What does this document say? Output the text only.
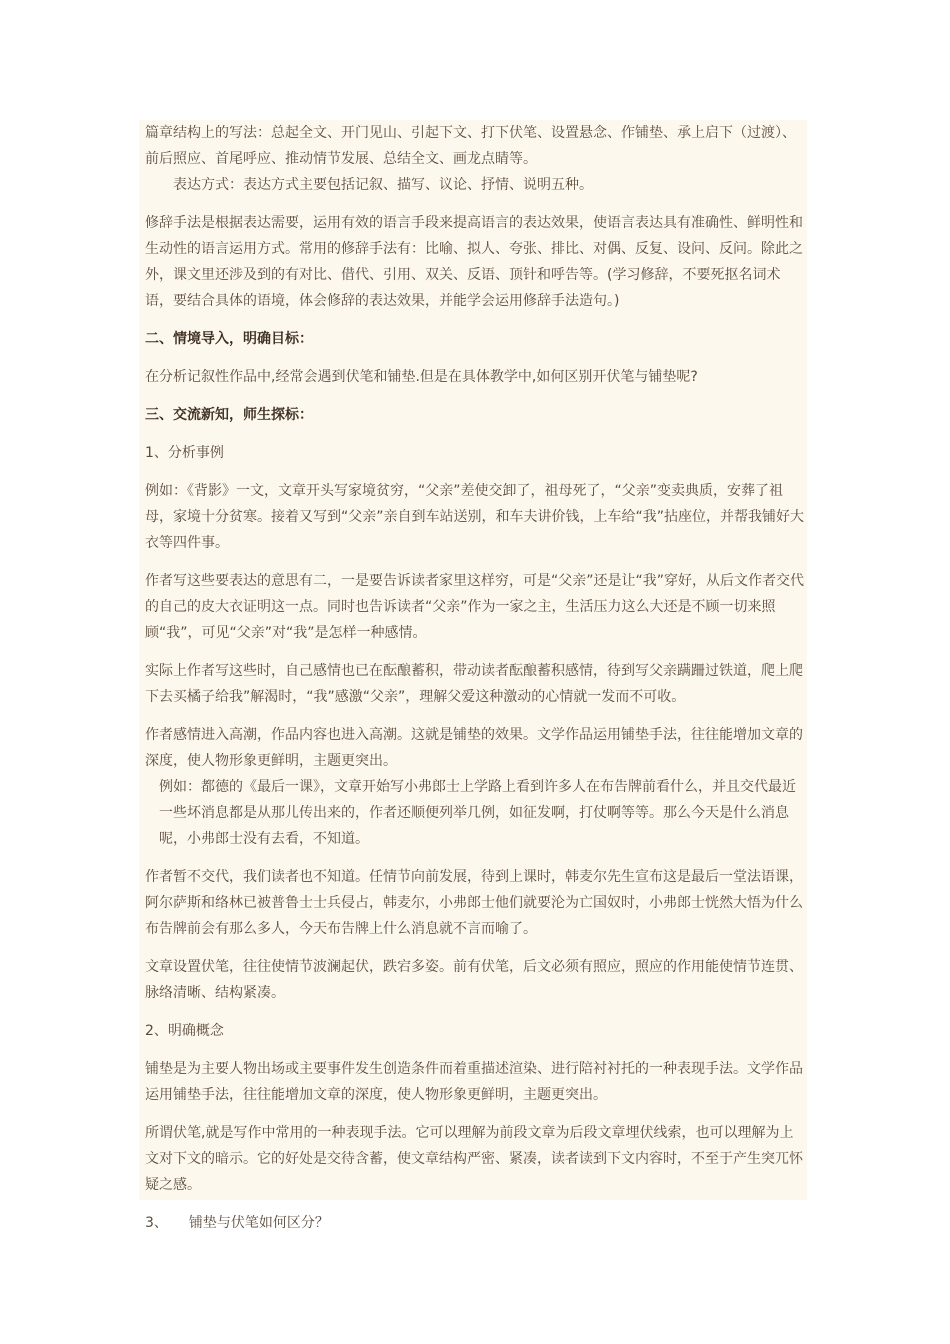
篇章结构上的写法：总起全文、开门见山、引起下文、打下伏笔、设置悬念、作铺垫、承上启下（过渡）、前后照应、首尾呼应、推动情节发展、总结全文、画龙点睛等。

表达方式：表达方式主要包括记叙、描写、议论、抒情、说明五种。

修辞手法是根据表达需要，运用有效的语言手段来提高语言的表达效果，使语言表达具有准确性、鲜明性和生动性的语言运用方式。常用的修辞手法有：比喻、拟人、夸张、排比、对偶、反复、设问、反问。除此之外，课文里还涉及到的有对比、借代、引用、双关、反语、顶针和呼告等。(学习修辞，不要死抠名词术语，要结合具体的语境，体会修辞的表达效果，并能学会运用修辞手法造句。)

二、情境导入，明确目标：

在分析记叙性作品中,经常会遇到伏笔和铺垫.但是在具体教学中,如何区别开伏笔与铺垫呢?

三、交流新知，师生探标：

1、分析事例

例如：《背影》一文，文章开头写家境贫穷，“父亲”差使交卸了，祖母死了，“父亲”变卖典质，安葬了祖母，家境十分贫寒。接着又写到“父亲”亲自到车站送别，和车夫讲价钱，上车给“我”拈座位，并帮我铺好大衣等四件事。

作者写这些要表达的意思有二，一是要告诉读者家里这样穷，可是“父亲”还是让“我”穿好，从后文作者交代的自己的皮大衣证明这一点。同时也告诉读者“父亲”作为一家之主，生活压力这么大还是不顾一切来照顾“我”，可见“父亲”对“我”是怎样一种感情。

实际上作者写这些时，自己感情也已在酝酿蓄积，带动读者酝酿蓄积感情，待到写父亲蹒跚过铁道，爬上爬下去买橘子给我”解渴时，“我”感激“父亲”，理解父爱这种激动的心情就一发而不可收。

作者感情进入高潮，作品内容也进入高潮。这就是铺垫的效果。文学作品运用铺垫手法，往往能增加文章的深度，使人物形象更鲜明，主题更突出。

例如：都德的《最后一课》，文章开始写小弗郎士上学路上看到许多人在布告牌前看什么，并且交代最近一些坏消息都是从那儿传出来的，作者还顺便列举几例，如征发啊，打仗啊等等。那么今天是什么消息呢，小弗郎士没有去看，不知道。

作者暂不交代，我们读者也不知道。任情节向前发展，待到上课时，韩麦尔先生宣布这是最后一堂法语课，阿尔萨斯和络林已被普鲁士士兵侵占，韩麦尔，小弗郎士他们就要沦为亡国奴时，小弗郎士恍然大悟为什么布告牌前会有那么多人，今天布告牌上什么消息就不言而喻了。

文章设置伏笔，往往使情节波澜起伏，跌宕多姿。前有伏笔，后文必须有照应，照应的作用能使情节连贯、脉络清晰、结构紧凑。

2、明确概念

铺垫是为主要人物出场或主要事件发生创造条件而着重描述渲染、进行陪衬衬托的一种表现手法。文学作品运用铺垫手法，往往能增加文章的深度，使人物形象更鲜明，主题更突出。

所谓伏笔,就是写作中常用的一种表现手法。它可以理解为前段文章为后段文章埋伏线索，也可以理解为上文对下文的暗示。它的好处是交待含蓄，使文章结构严密、紧凑，读者读到下文内容时，不至于产生突兀怀疑之感。

3、　　铺垫与伏笔如何区分？
